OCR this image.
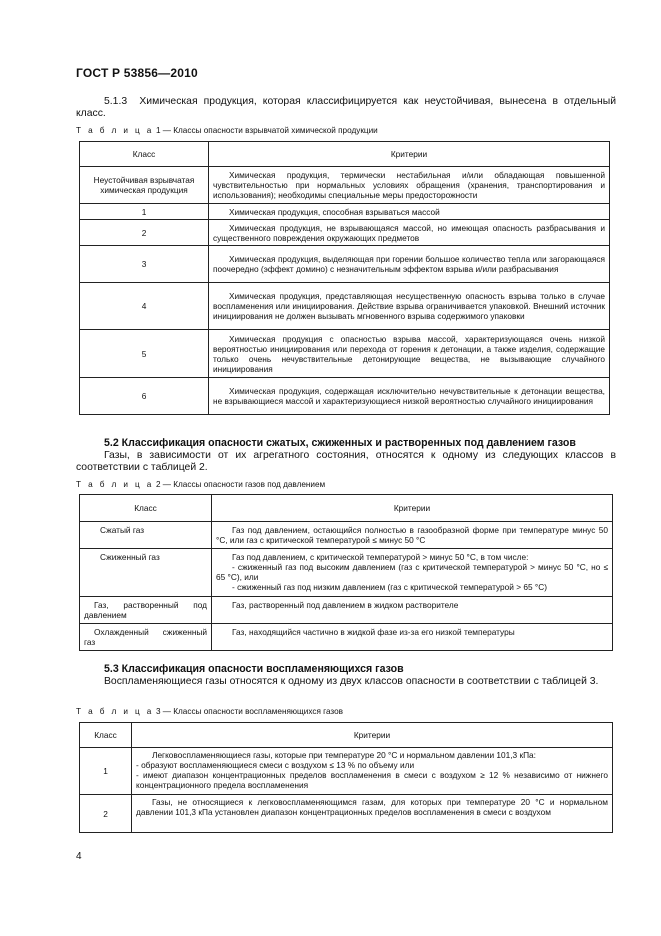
ГОСТ Р 53856—2010
5.1.3 Химическая продукция, которая классифицируется как неустойчивая, вынесена в отдельный класс.
Т а б л и ц а 1 — Классы опасности взрывчатой химической продукции
Класс	Критерии
Неустойчивая взрывчатая химическая продукция	Химическая продукция, термически нестабильная и/или обладающая повышенной чувствительностью при нормальных условиях обращения (хранения, транспортирования и использования); необходимы специальные меры предосторожности
1	Химическая продукция, способная взрываться массой
2	Химическая продукция, не взрывающаяся массой, но имеющая опасность разбрасывания и существенного повреждения окружающих предметов
3	Химическая продукция, выделяющая при горении большое количество тепла или загорающаяся поочередно (эффект домино) с незначительным эффектом взрыва и/или разбрасывания
4	Химическая продукция, представляющая несущественную опасность взрыва только в случае воспламенения или инициирования. Действие взрыва ограничивается упаковкой. Внешний источник инициирования не должен вызывать мгновенного взрыва содержимого упаковки
5	Химическая продукция с опасностью взрыва массой, характеризующаяся очень низкой вероятностью инициирования или перехода от горения к детонации, а также изделия, содержащие только очень нечувствительные детонирующие вещества, не вызывающие случайного инициирования
6	Химическая продукция, содержащая исключительно нечувствительные к детонации вещества, не взрывающиеся массой и характеризующиеся низкой вероятностью случайного инициирования
5.2 Классификация опасности сжатых, сжиженных и растворенных под давлением газов
Газы, в зависимости от их агрегатного состояния, относятся к одному из следующих классов в соответствии с таблицей 2.
Т а б л и ц а 2 — Классы опасности газов под давлением
Класс	Критерии
Сжатый газ	Газ под давлением, остающийся полностью в газообразной форме при температуре минус 50 °С, или газ с критической температурой ≤ минус 50 °С
Сжиженный газ	Газ под давлением, с критической температурой > минус 50 °С, в том числе:
- сжиженный газ под высоким давлением (газ с критической температурой > минус 50 °С, но ≤ 65 °С), или
- сжиженный газ под низким давлением (газ с критической температурой > 65 °С)

Газ, растворенный под давлением	Газ, растворенный под давлением в жидком растворителе
Охлажденный сжиженный газ	Газ, находящийся частично в жидкой фазе из-за его низкой температуры
5.3 Классификация опасности воспламеняющихся газов
Воспламеняющиеся газы относятся к одному из двух классов опасности в соответствии с таблицей 3.
Т а б л и ц а 3 — Классы опасности воспламеняющихся газов
Класс	Критерии
1	Легковоспламеняющиеся газы, которые при температуре 20 °С и нормальном давлении 101,3 кПа:
- образуют воспламеняющиеся смеси с воздухом ≤ 13 % по объему или
- имеют диапазон концентрационных пределов воспламенения в смеси с воздухом ≥ 12 % независимо от нижнего концентрационного предела воспламенения

2	Газы, не относящиеся к легковоспламеняющимся газам, для которых при температуре 20 °С и нормальном давлении 101,3 кПа установлен диапазон концентрационных пределов воспламенения в смеси с воздухом
4
